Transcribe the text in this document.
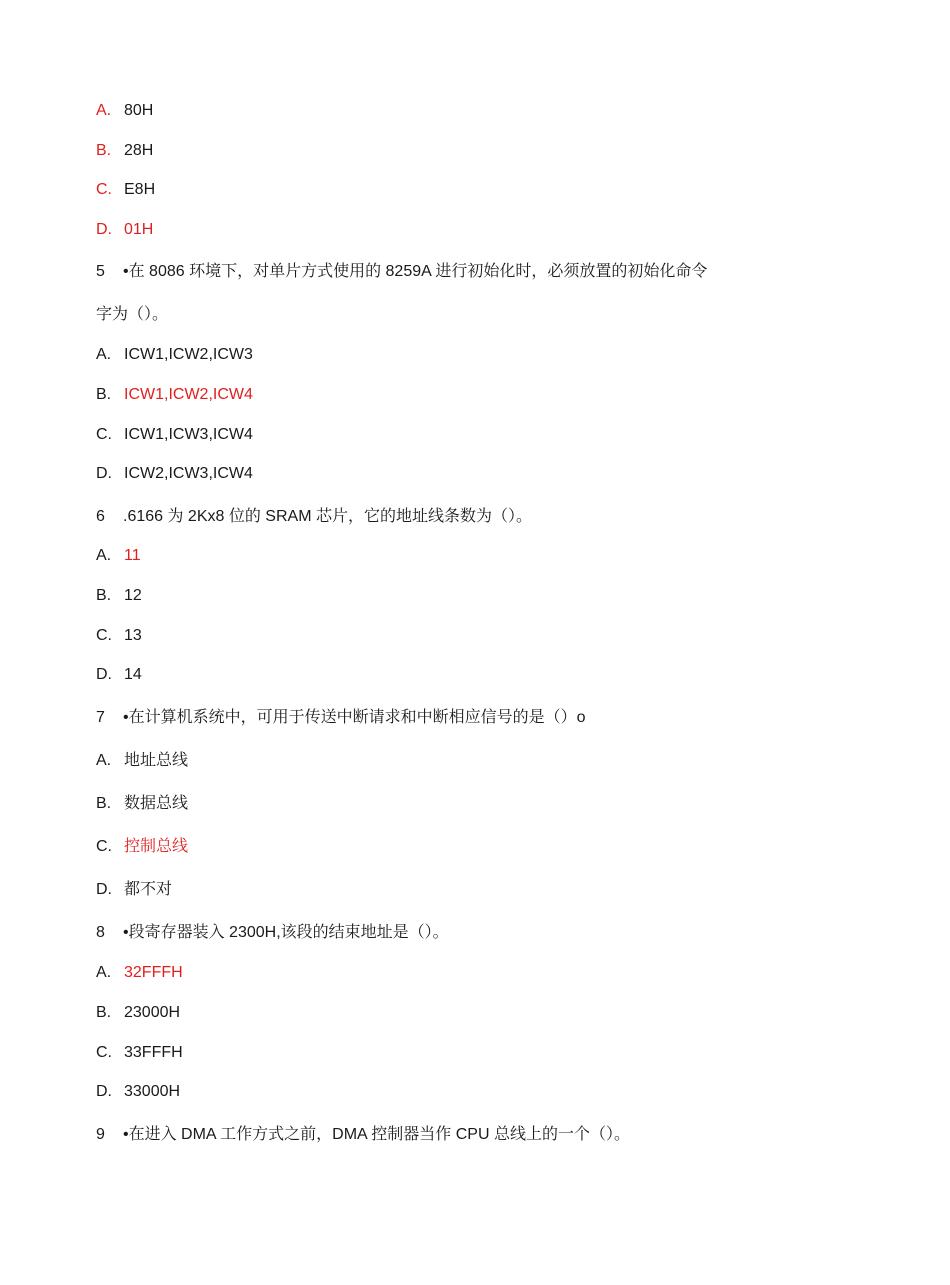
A. 80H
B. 28H
C. E8H
D. 01H
5 •在 8086 环境下，对单片方式使用的 8259A 进行初始化时，必须放置的初始化命令
字为（）。
A. ICW1,ICW2,ICW3
B. ICW1,ICW2,ICW4
C. ICW1,ICW3,ICW4
D. ICW2,ICW3,ICW4
6 .6166 为 2Kx8 位的 SRAM 芯片，它的地址线条数为（）。
A. 11
B. 12
C. 13
D. 14
7 •在计算机系统中，可用于传送中断请求和中断相应信号的是（）o
A. 地址总线
B. 数据总线
C. 控制总线
D. 都不对
8 •段寄存器装入 2300H,该段的结束地址是（）。
A. 32FFFH
B. 23000H
C. 33FFFH
D. 33000H
9 •在进入 DMA 工作方式之前，DMA 控制器当作 CPU 总线上的一个（）。
